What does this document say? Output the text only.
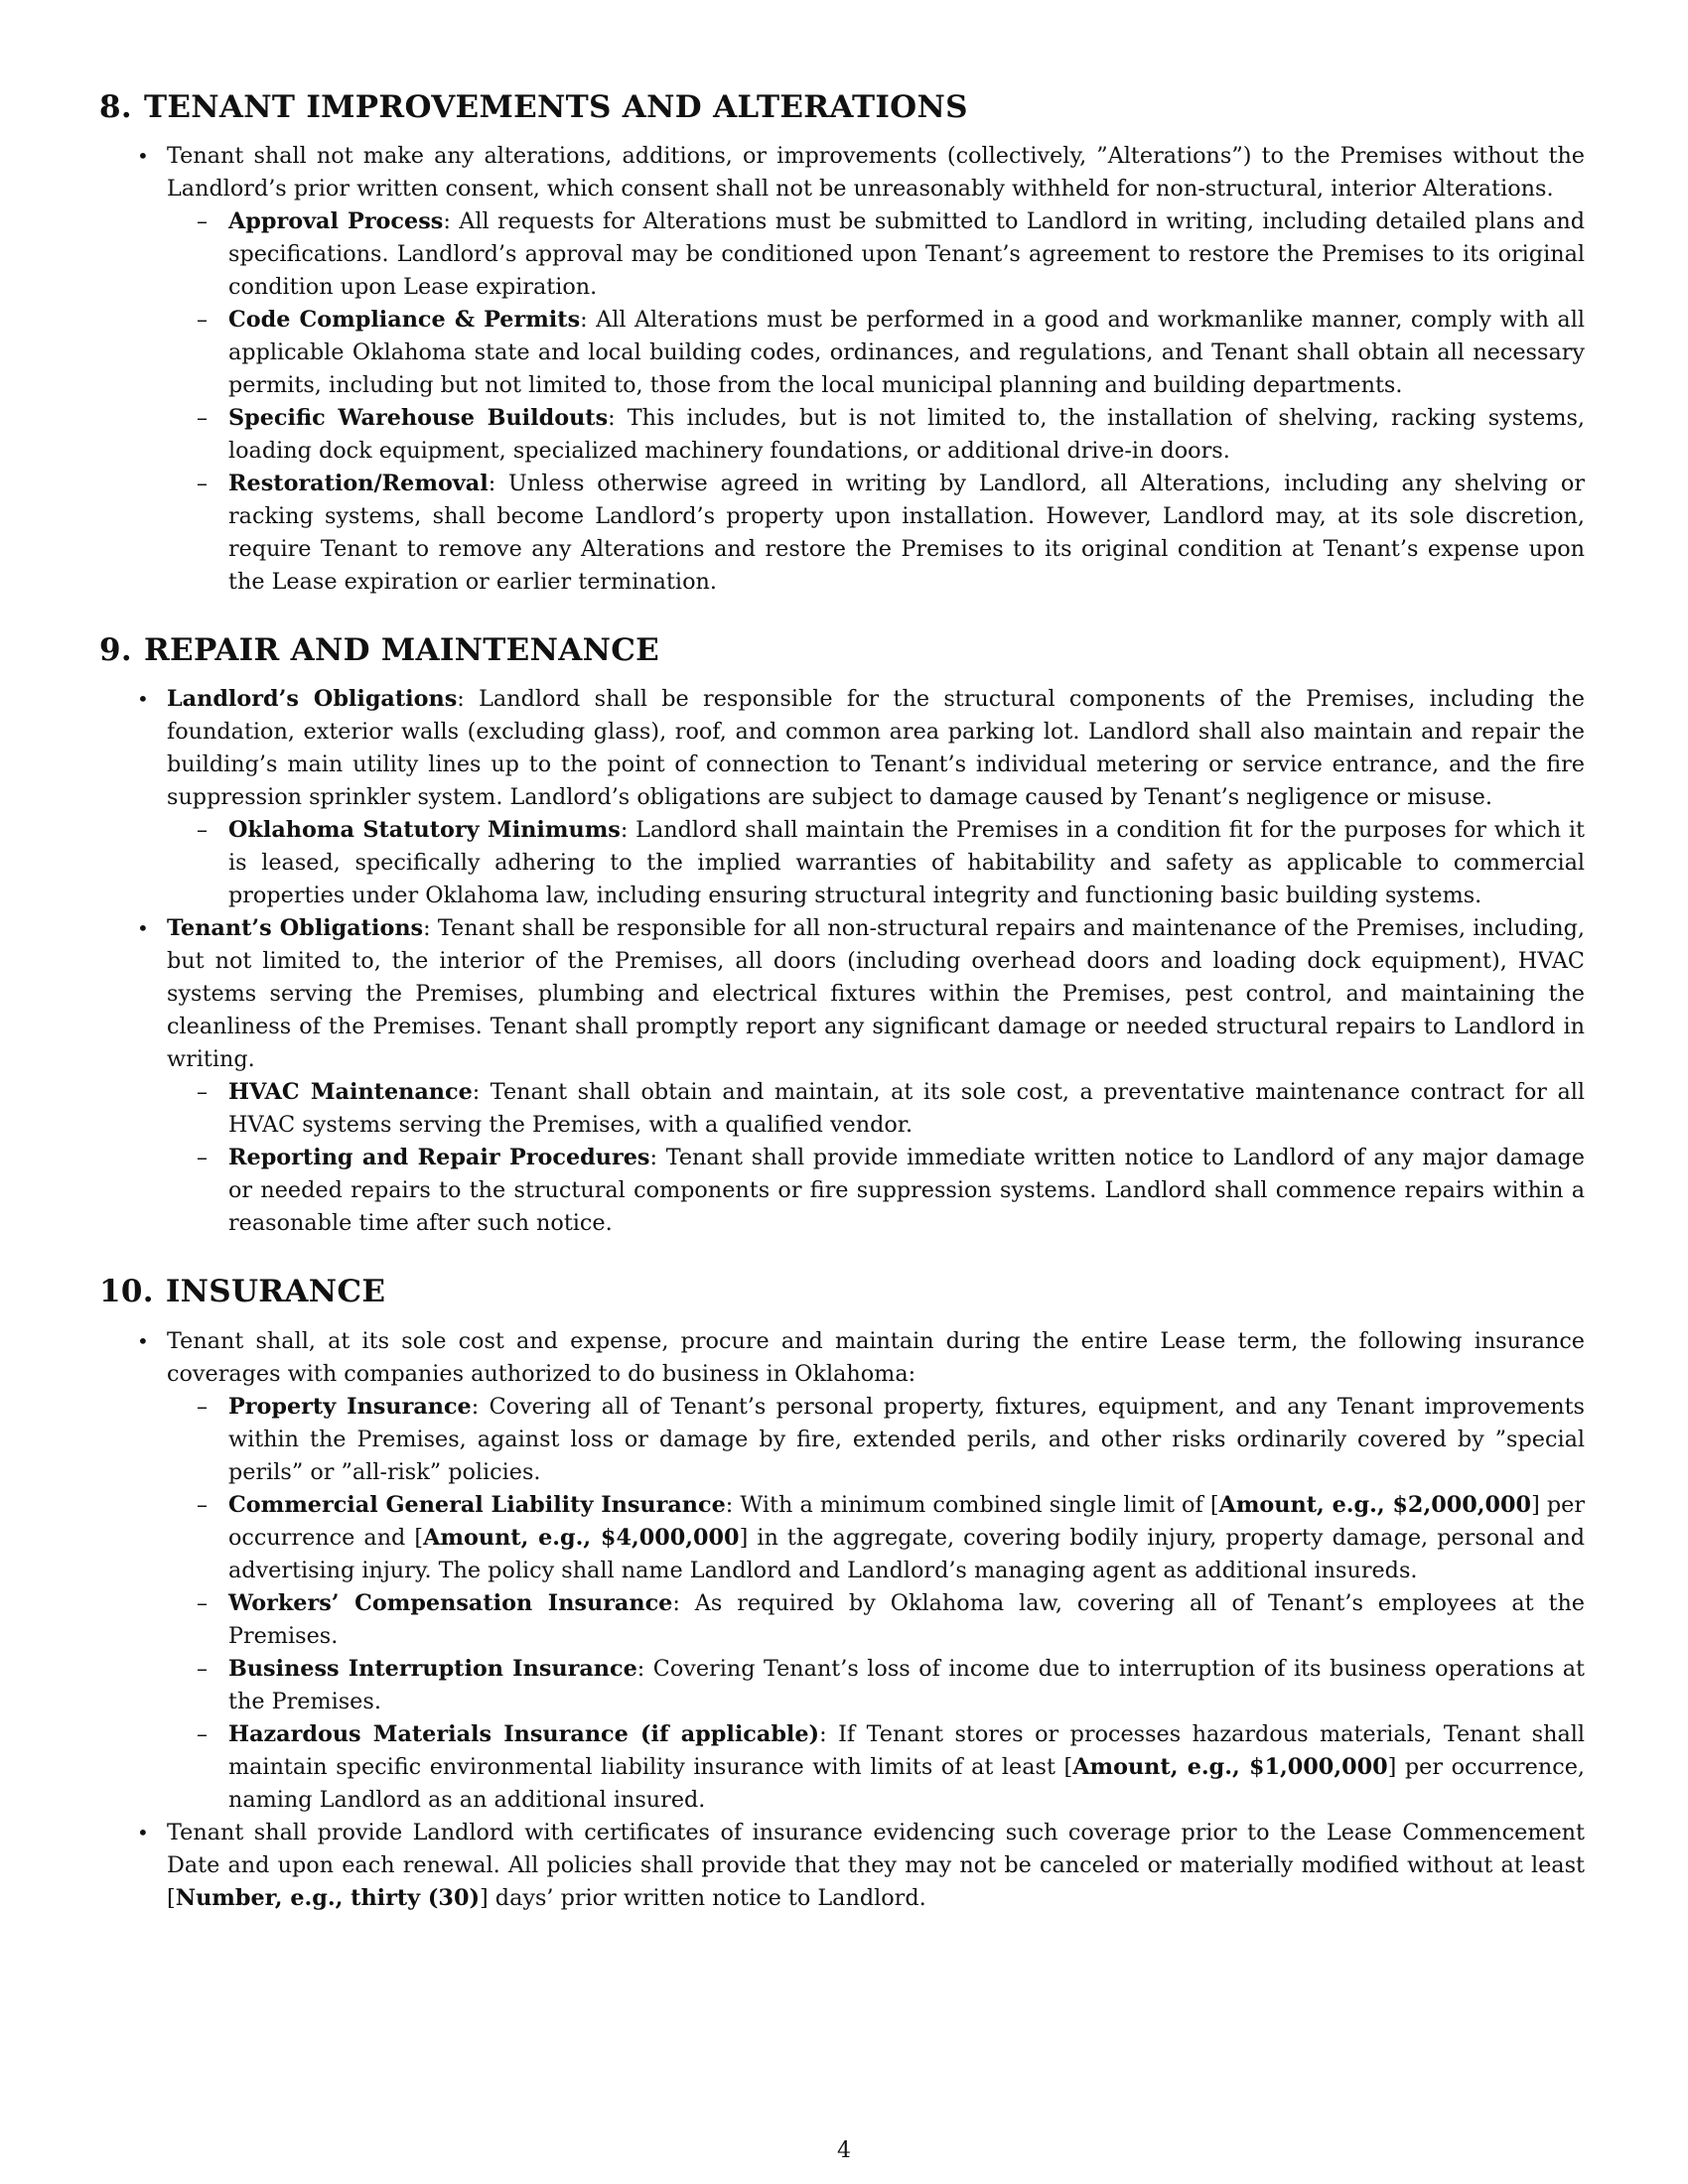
8. TENANT IMPROVEMENTS AND ALTERATIONS
• Tenant shall not make any alterations, additions, or improvements (collectively, ”Alterations”) to the Premises without the Landlord’s prior written consent, which consent shall not be unreasonably withheld for non-structural, interior Alterations.

– Approval Process: All requests for Alterations must be submitted to Landlord in writing, including detailed plans and specifications. Landlord’s approval may be conditioned upon Tenant’s agreement to restore the Premises to its original condition upon Lease expiration.

– Code Compliance & Permits: All Alterations must be performed in a good and workmanlike manner, comply with all applicable Oklahoma state and local building codes, ordinances, and regulations, and Tenant shall obtain all necessary permits, including but not limited to, those from the local municipal planning and building departments.

– Specific Warehouse Buildouts: This includes, but is not limited to, the installation of shelving, racking systems, loading dock equipment, specialized machinery foundations, or additional drive-in doors.

– Restoration/Removal: Unless otherwise agreed in writing by Landlord, all Alterations, including any shelving or racking systems, shall become Landlord’s property upon installation. However, Landlord may, at its sole discretion, require Tenant to remove any Alterations and restore the Premises to its original condition at Tenant’s expense upon the Lease expiration or earlier termination.

9. REPAIR AND MAINTENANCE
• Landlord’s Obligations: Landlord shall be responsible for the structural components of the Premises, including the foundation, exterior walls (excluding glass), roof, and common area parking lot. Landlord shall also maintain and repair the building’s main utility lines up to the point of connection to Tenant’s individual metering or service entrance, and the fire suppression sprinkler system. Landlord’s obligations are subject to damage caused by Tenant’s negligence or misuse.

– Oklahoma Statutory Minimums: Landlord shall maintain the Premises in a condition fit for the purposes for which it is leased, specifically adhering to the implied warranties of habitability and safety as applicable to commercial properties under Oklahoma law, including ensuring structural integrity and functioning basic building systems.

• Tenant’s Obligations: Tenant shall be responsible for all non-structural repairs and maintenance of the Premises, including, but not limited to, the interior of the Premises, all doors (including overhead doors and loading dock equipment), HVAC systems serving the Premises, plumbing and electrical fixtures within the Premises, pest control, and maintaining the cleanliness of the Premises. Tenant shall promptly report any significant damage or needed structural repairs to Landlord in writing.

– HVAC Maintenance: Tenant shall obtain and maintain, at its sole cost, a preventative maintenance contract for all HVAC systems serving the Premises, with a qualified vendor.

– Reporting and Repair Procedures: Tenant shall provide immediate written notice to Landlord of any major damage or needed repairs to the structural components or fire suppression systems. Landlord shall commence repairs within a reasonable time after such notice.

10. INSURANCE
• Tenant shall, at its sole cost and expense, procure and maintain during the entire Lease term, the following insurance coverages with companies authorized to do business in Oklahoma:

– Property Insurance: Covering all of Tenant’s personal property, fixtures, equipment, and any Tenant improvements within the Premises, against loss or damage by fire, extended perils, and other risks ordinarily covered by ”special perils” or ”all-risk” policies.

– Commercial General Liability Insurance: With a minimum combined single limit of [Amount, e.g., $2,000,000] per occurrence and [Amount, e.g., $4,000,000] in the aggregate, covering bodily injury, property damage, personal and advertising injury. The policy shall name Landlord and Landlord’s managing agent as additional insureds.

– Workers’ Compensation Insurance: As required by Oklahoma law, covering all of Tenant’s employees at the Premises.

– Business Interruption Insurance: Covering Tenant’s loss of income due to interruption of its business operations at the Premises.

– Hazardous Materials Insurance (if applicable): If Tenant stores or processes hazardous materials, Tenant shall maintain specific environmental liability insurance with limits of at least [Amount, e.g., $1,000,000] per occurrence, naming Landlord as an additional insured.

• Tenant shall provide Landlord with certificates of insurance evidencing such coverage prior to the Lease Commencement Date and upon each renewal. All policies shall provide that they may not be canceled or materially modified without at least [Number, e.g., thirty (30)] days’ prior written notice to Landlord.

4
